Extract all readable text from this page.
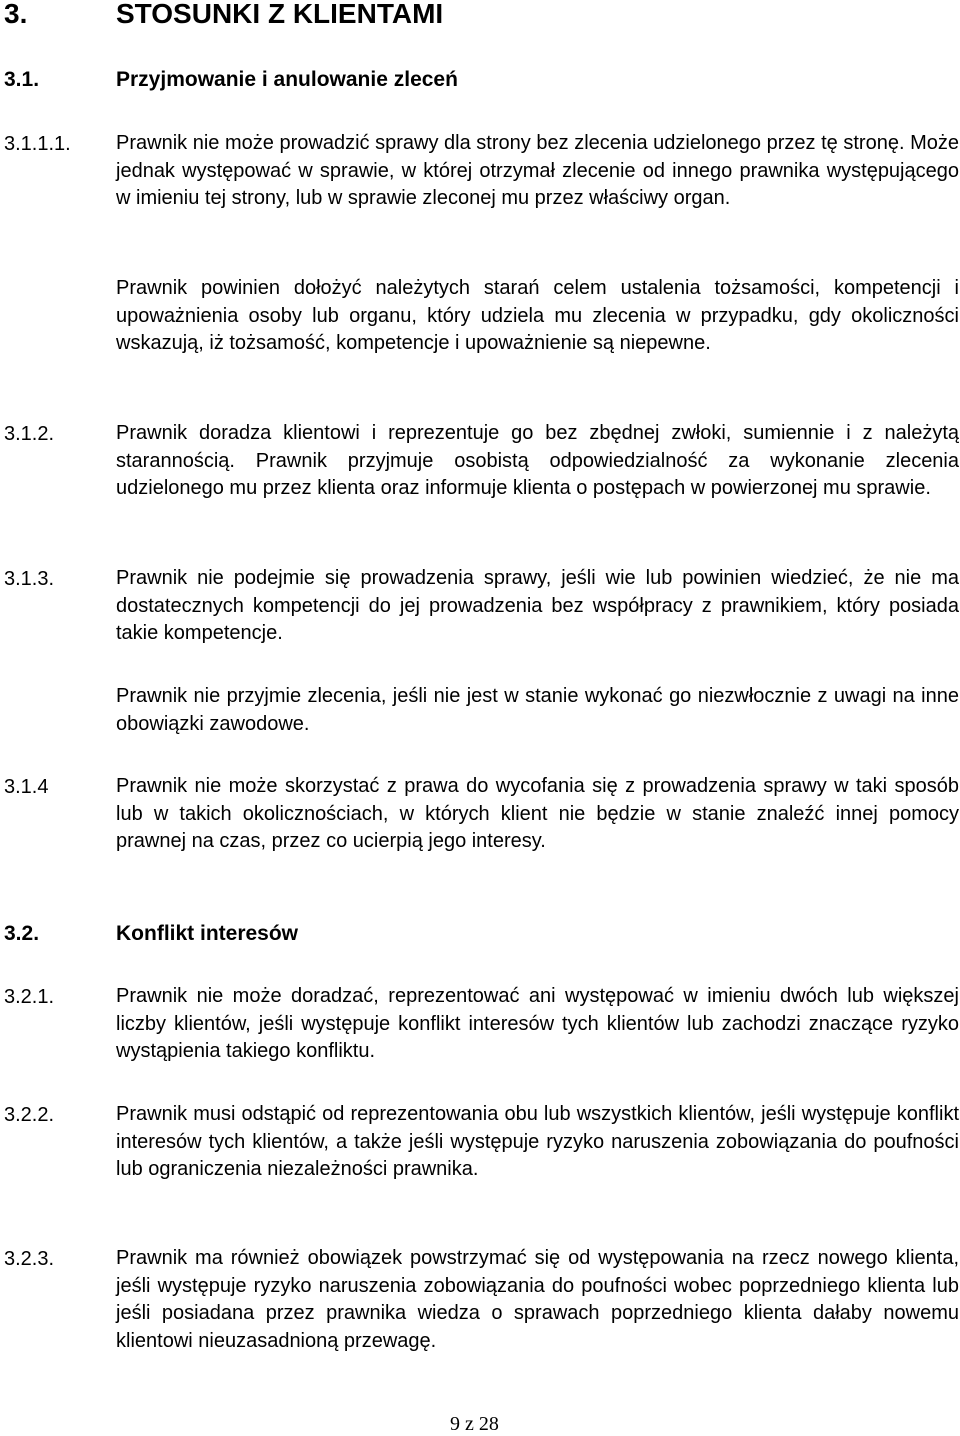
3.	STOSUNKI Z KLIENTAMI
3.1.	Przyjmowanie i anulowanie zleceń
3.1.1.1. Prawnik nie może prowadzić sprawy dla strony bez zlecenia udzielonego przez tę stronę. Może jednak występować w sprawie, w której otrzymał zlecenie od innego prawnika występującego w imieniu tej strony, lub w sprawie zleconej mu przez właściwy organ.
Prawnik powinien dołożyć należytych starań celem ustalenia tożsamości, kompetencji i upoważnienia osoby lub organu, który udziela mu zlecenia w przypadku, gdy okoliczności wskazują, iż tożsamość, kompetencje i upoważnienie są niepewne.
3.1.2.	Prawnik doradza klientowi i reprezentuje go bez zbędnej zwłoki, sumiennie i z należytą starannością. Prawnik przyjmuje osobistą odpowiedzialność za wykonanie zlecenia udzielonego mu przez klienta oraz informuje klienta o postępach w powierzonej mu sprawie.
3.1.3.	Prawnik nie podejmie się prowadzenia sprawy, jeśli wie lub powinien wiedzieć, że nie ma dostatecznych kompetencji do jej prowadzenia bez współpracy z prawnikiem, który posiada takie kompetencje.
Prawnik nie przyjmie zlecenia, jeśli nie jest w stanie wykonać go niezwłocznie z uwagi na inne obowiązki zawodowe.
3.1.4	Prawnik nie może skorzystać z prawa do wycofania się z prowadzenia sprawy w taki sposób lub w takich okolicznościach, w których klient nie będzie w stanie znaleźć innej pomocy prawnej na czas, przez co ucierpią jego interesy.
3.2.	Konflikt interesów
3.2.1.	Prawnik nie może doradzać, reprezentować ani występować w imieniu dwóch lub większej liczby klientów, jeśli występuje konflikt interesów tych klientów lub zachodzi znaczące ryzyko wystąpienia takiego konfliktu.
3.2.2.	Prawnik musi odstąpić od reprezentowania obu lub wszystkich klientów, jeśli występuje konflikt interesów tych klientów, a także jeśli występuje ryzyko naruszenia zobowiązania do poufności lub ograniczenia niezależności prawnika.
3.2.3.	Prawnik ma również obowiązek powstrzymać się od występowania na rzecz nowego klienta, jeśli występuje ryzyko naruszenia zobowiązania do poufności wobec poprzedniego klienta lub jeśli posiadana przez prawnika wiedza o sprawach poprzedniego klienta dałaby nowemu klientowi nieuzasadnioną przewagę.
9 z 28
